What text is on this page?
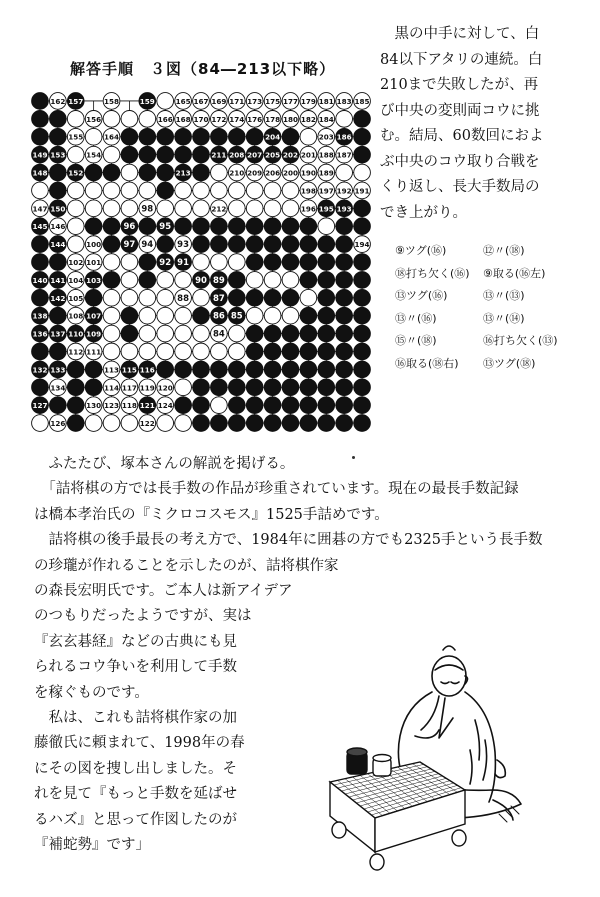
解答手順　３図（84―213以下略）
162 157	158	159	165 167 169 171 173 175 177 179 181 183 185
156	166 168 170 172 174 176 178 180 182 184
155	164	204	203 186
149 153	154	211 208 207 205 202 201 188 187
148	152	213	210 209 206 200 190 189
198 197 192 191
147 150	98	212	196 195 193
145 146	96	95
144	100	97 94	93	194
102 101	92 91
140 141 104 103	90 89
142 105	88	87
138	108 107	86 85
136 137 110 109	84
112 111
132 133	113 115 116
134	114 117 119 120
127	130 123 118 121 124
126	122
　黒の中手に対して、白
84以下アタリの連続。白
210まで失敗したが、再
び中央の変則両コウに挑
む。結局、60数回におよ
ぶ中央のコウ取り合戦を
くり返し、長大手数局の
でき上がり。
⑨ツグ(⑯)	⑫〃(⑱)
⑱打ち欠く(⑯)	⑨取る(⑯左)
⑬ツグ(⑯)	⑬〃(⑬)
⑬〃(⑯)	⑬〃(⑭)
⑮〃(⑱)	⑯打ち欠く(⑬)
⑯取る(⑱右)	⑬ツグ(⑱)
　ふたたび、塚本さんの解説を掲げる。
　「詰将棋の方では長手数の作品が珍重されています。現在の最長手数記録
は橋本孝治氏の『ミクロコスモス』1525手詰めです。
　詰将棋の後手最長の考え方で、1984年に囲碁の方でも2325手という長手数
の珍瓏が作れることを示したのが、詰将棋作家
の森長宏明氏です。ご本人は新アイデア
のつもりだったようですが、実は
『玄玄碁経』などの古典にも見
られるコウ争いを利用して手数
を稼ぐものです。
　私は、これも詰将棋作家の加
藤徹氏に頼まれて、1998年の春
にその図を捜し出しました。そ
れを見て『もっと手数を延ばせ
るハズ』と思って作図したのが
『補蛇勢』です」
